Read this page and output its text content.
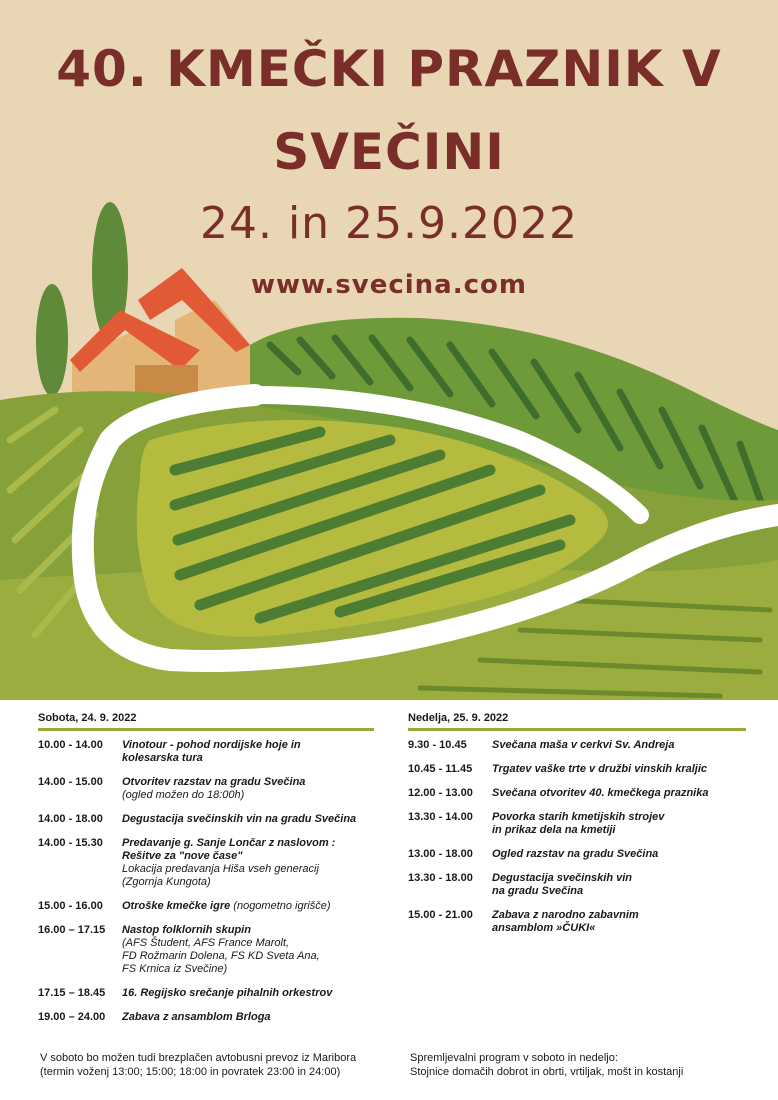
40. KMEČKI PRAZNIK V
SVEČINI
24. in 25.9.2022
www.svecina.com
Sobota, 24. 9. 2022
10.00 - 14.00	Vinotour - pohod nordijske hoje in
kolesarska tura
14.00 - 15.00	Otvoritev razstav na gradu Svečina
(ogled možen do 18:00h)
14.00 - 18.00	Degustacija svečinskih vin na gradu Svečina
14.00 - 15.30	Predavanje g. Sanje Lončar z naslovom :
Rešitve za "nove čase"
Lokacija predavanja Hiša vseh generacij
(Zgornja Kungota)
15.00 - 16.00	Otroške kmečke igre (nogometno igrišče)
16.00 – 17.15	Nastop folklornih skupin
(AFS Študent, AFS France Marolt,
FD Rožmarin Dolena, FS KD Sveta Ana,
FS Krnica iz Svečine)
17.15 – 18.45	16. Regijsko srečanje pihalnih orkestrov
19.00 – 24.00	Zabava z ansamblom Brloga
Nedelja, 25. 9. 2022
9.30 - 10.45	Svečana maša v cerkvi Sv. Andreja
10.45 - 11.45	Trgatev vaške trte v družbi vinskih kraljic
12.00 - 13.00	Svečana otvoritev 40. kmečkega praznika
13.30 - 14.00	Povorka starih kmetijskih strojev
in prikaz dela na kmetiji
13.00 - 18.00	Ogled razstav na gradu Svečina
13.30 - 18.00	Degustacija svečinskih vin
na gradu Svečina
15.00 - 21.00	Zabava z narodno zabavnim
ansamblom »ČUKI«
V soboto bo možen tudi brezplačen avtobusni prevoz iz Maribora
(termin voženj 13:00; 15:00; 18:00 in povratek 23:00 in 24:00)
Spremljevalni program v soboto in nedeljo:
Stojnice domačih dobrot in obrti, vrtiljak, mošt in kostanji
